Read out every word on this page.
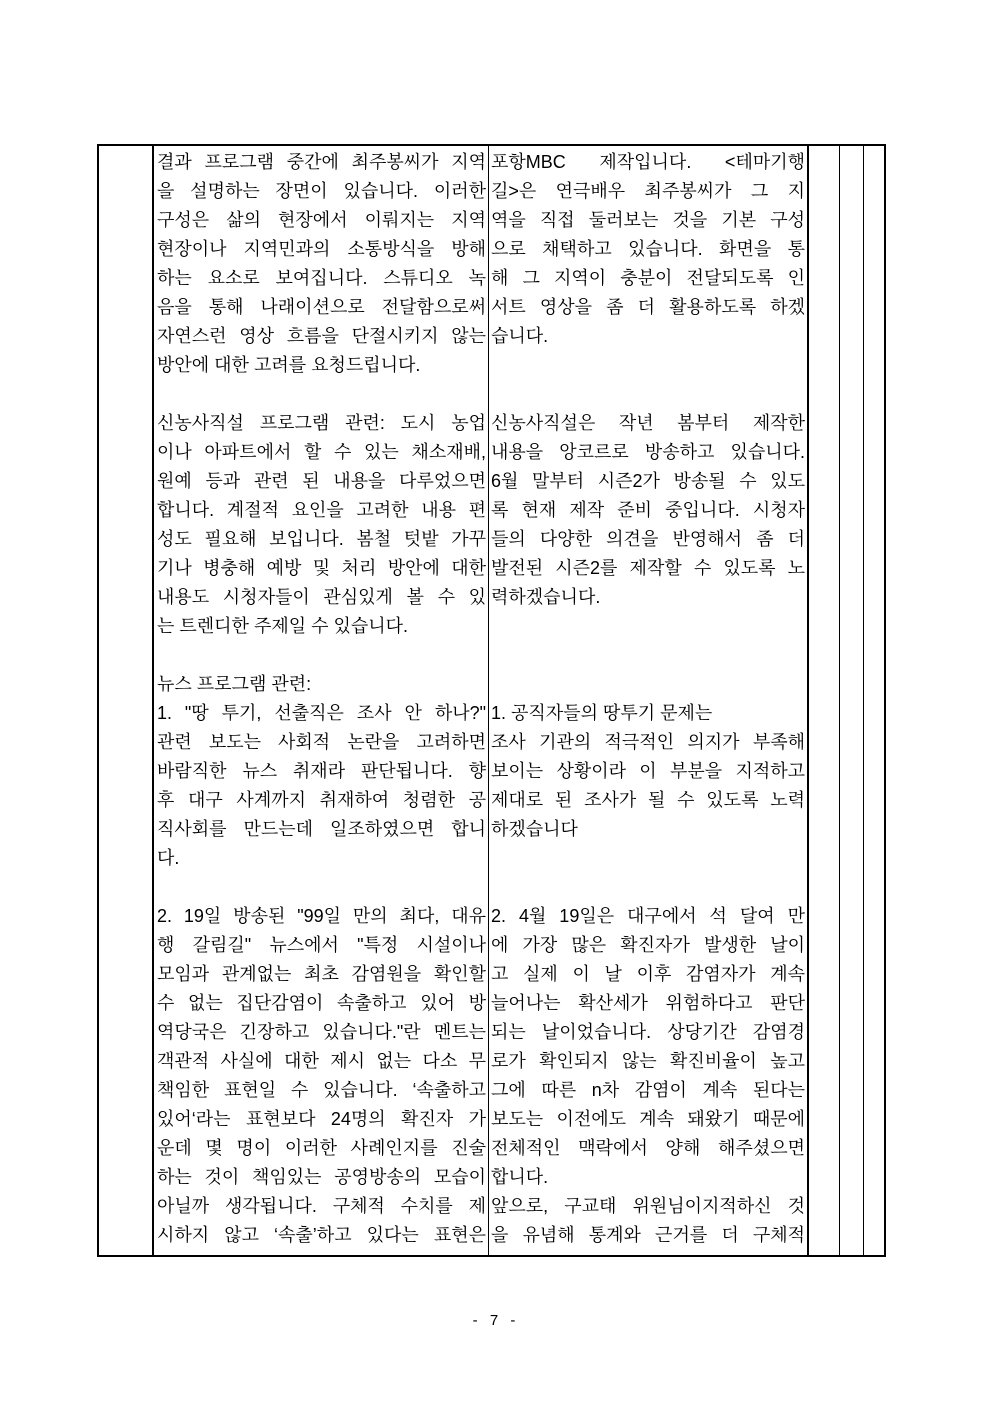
결과 프로그램 중간에 최주봉씨가 지역
을 설명하는 장면이 있습니다. 이러한
구성은 삶의 현장에서 이뤄지는 지역
현장이나 지역민과의 소통방식을 방해
하는 요소로 보여집니다. 스튜디오 녹
음을 통해 나래이션으로 전달함으로써
자연스런 영상 흐름을 단절시키지 않는
방안에 대한 고려를 요청드립니다.
신농사직설 프로그램 관련: 도시 농업
이나 아파트에서 할 수 있는 채소재배,
원예 등과 관련 된 내용을 다루었으면
합니다. 계절적 요인을 고려한 내용 편
성도 필요해 보입니다. 봄철 텃밭 가꾸
기나 병충해 예방 및 처리 방안에 대한
내용도 시청자들이 관심있게 볼 수 있
는 트렌디한 주제일 수 있습니다.
뉴스 프로그램 관련:
1. "땅 투기, 선출직은 조사 안 하나?"
관련 보도는 사회적 논란을 고려하면
바람직한 뉴스 취재라 판단됩니다. 향
후 대구 사계까지 취재하여 청렴한 공
직사회를 만드는데 일조하였으면 합니
다.
2. 19일 방송된 "99일 만의 최다, 대유
행 갈림길" 뉴스에서 "특정 시설이나
모임과 관계없는 최초 감염원을 확인할
수 없는 집단감염이 속출하고 있어 방
역당국은 긴장하고 있습니다."란 멘트는
객관적 사실에 대한 제시 없는 다소 무
책임한 표현일 수 있습니다. ‘속출하고
있어‘라는 표현보다 24명의 확진자 가
운데 몇 명이 이러한 사례인지를 진술
하는 것이 책임있는 공영방송의 모습이
아닐까 생각됩니다. 구체적 수치를 제
시하지 않고 ‘속출’하고 있다는 표현은
포항MBC 제작입니다. <테마기행
길>은 연극배우 최주봉씨가 그 지
역을 직접 둘러보는 것을 기본 구성
으로 채택하고 있습니다. 화면을 통
해 그 지역이 충분이 전달되도록 인
서트 영상을 좀 더 활용하도록 하겠
습니다.
신농사직설은 작년 봄부터 제작한
내용을 앙코르로 방송하고 있습니다.
6월 말부터 시즌2가 방송될 수 있도
록 현재 제작 준비 중입니다. 시청자
들의 다양한 의견을 반영해서 좀 더
발전된 시즌2를 제작할 수 있도록 노
력하겠습니다.
1. 공직자들의 땅투기 문제는
조사 기관의 적극적인 의지가 부족해
보이는 상황이라 이 부분을 지적하고
제대로 된 조사가 될 수 있도록 노력
하겠습니다
2. 4월 19일은 대구에서 석 달여 만
에 가장 많은 확진자가 발생한 날이
고 실제 이 날 이후 감염자가 계속
늘어나는 확산세가 위험하다고 판단
되는 날이었습니다. 상당기간 감염경
로가 확인되지 않는 확진비율이 높고
그에 따른 n차 감염이 계속 된다는
보도는 이전에도 계속 돼왔기 때문에
전체적인 맥락에서 양해 해주셨으면
합니다.
앞으로, 구교태 위원님이지적하신 것
을 유념해 통계와 근거를 더 구체적
- 7 -
